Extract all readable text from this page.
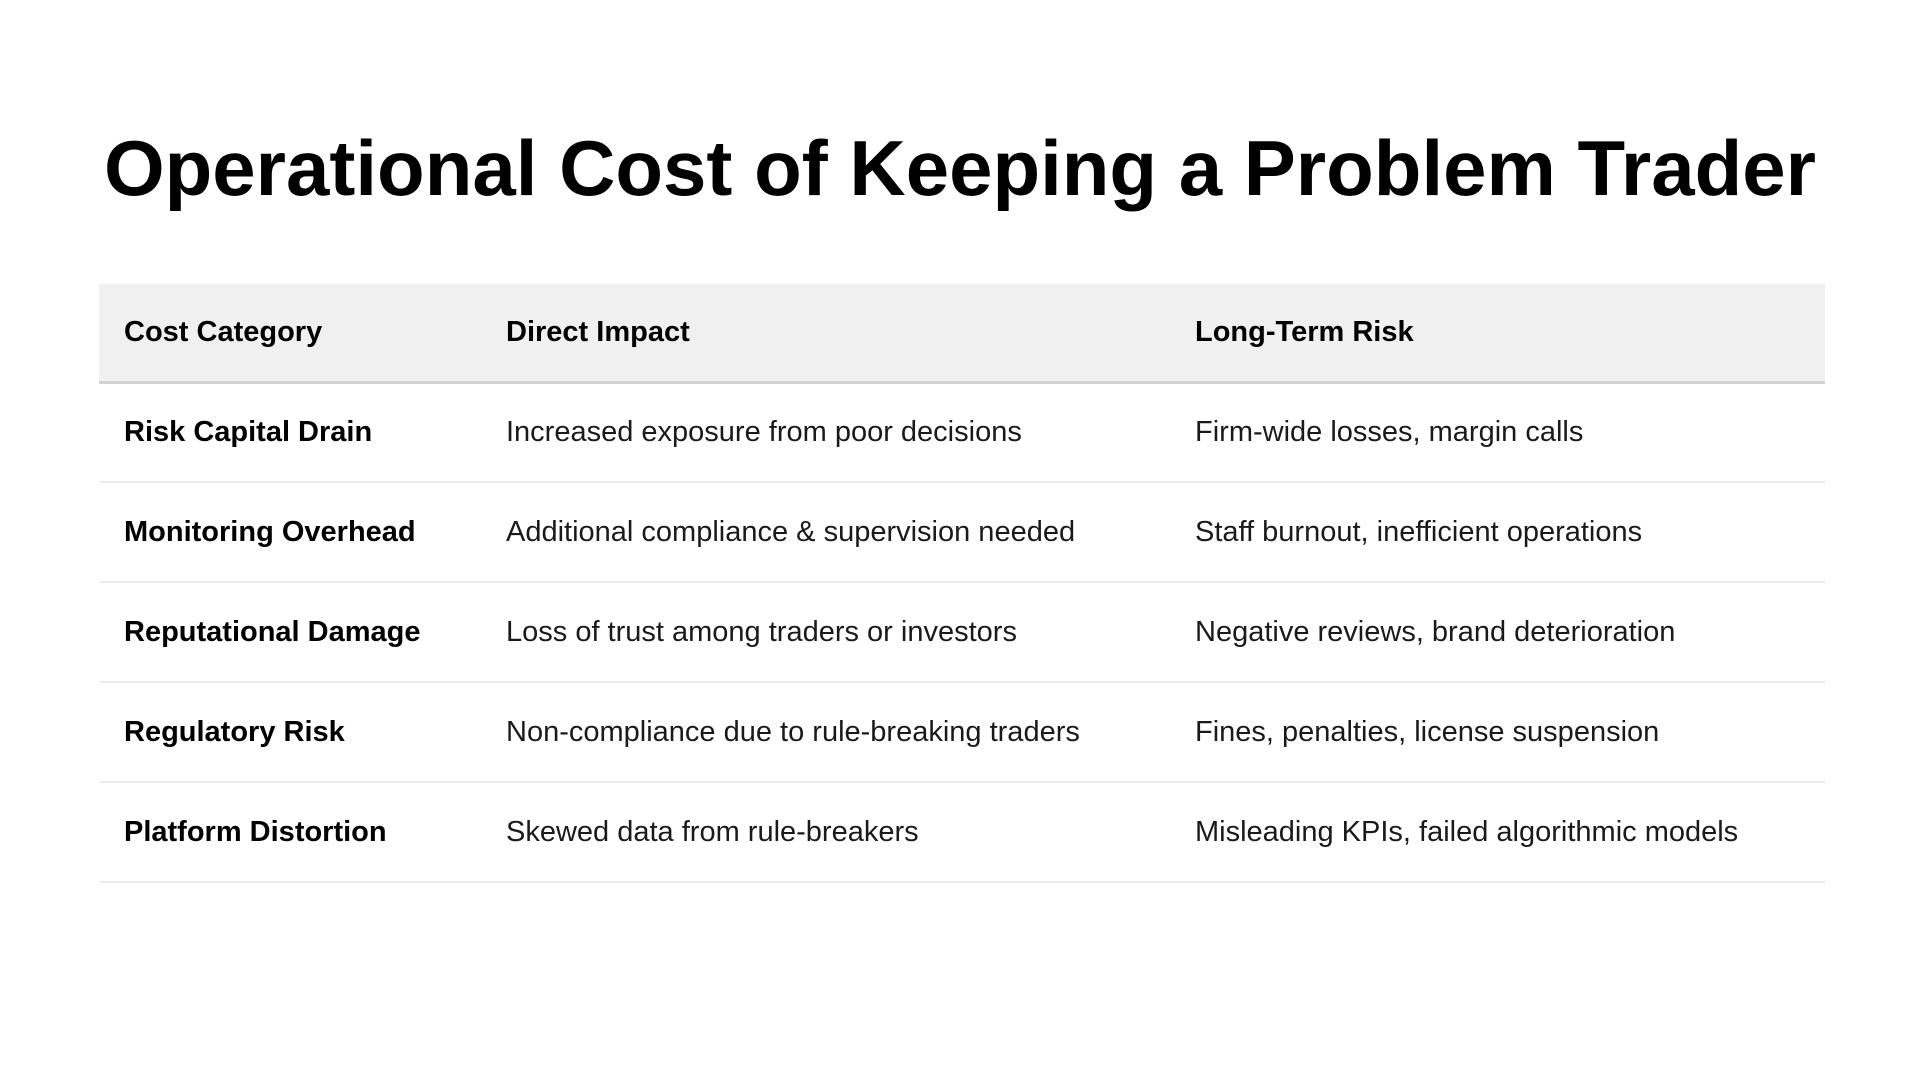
Operational Cost of Keeping a Problem Trader
Cost Category	Direct Impact	Long-Term Risk
Risk Capital Drain	Increased exposure from poor decisions	Firm-wide losses, margin calls
Monitoring Overhead	Additional compliance & supervision needed	Staff burnout, inefficient operations
Reputational Damage	Loss of trust among traders or investors	Negative reviews, brand deterioration
Regulatory Risk	Non-compliance due to rule-breaking traders	Fines, penalties, license suspension
Platform Distortion	Skewed data from rule-breakers	Misleading KPIs, failed algorithmic models
